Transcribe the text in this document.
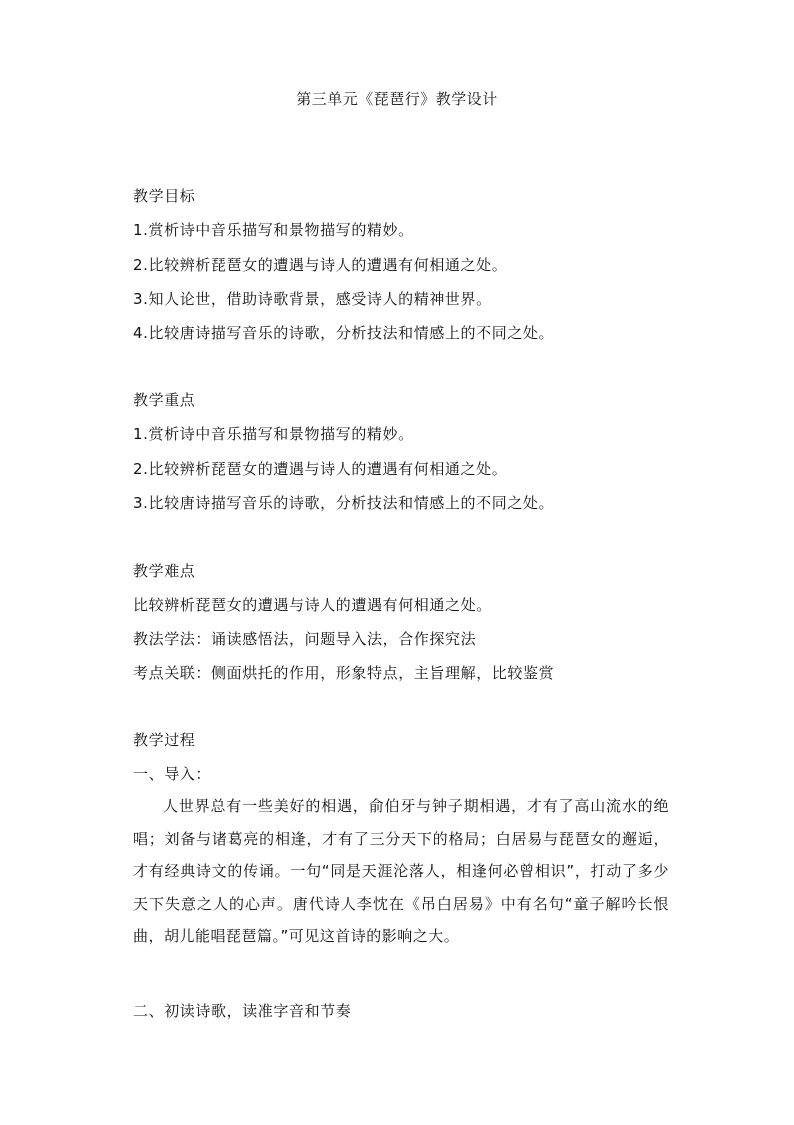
第三单元《琵琶行》教学设计
教学目标
1.赏析诗中音乐描写和景物描写的精妙。
2.比较辨析琵琶女的遭遇与诗人的遭遇有何相通之处。
3.知人论世，借助诗歌背景，感受诗人的精神世界。
4.比较唐诗描写音乐的诗歌，分析技法和情感上的不同之处。
教学重点
1.赏析诗中音乐描写和景物描写的精妙。
2.比较辨析琵琶女的遭遇与诗人的遭遇有何相通之处。
3.比较唐诗描写音乐的诗歌，分析技法和情感上的不同之处。
教学难点
比较辨析琵琶女的遭遇与诗人的遭遇有何相通之处。
教法学法：诵读感悟法，问题导入法，合作探究法
考点关联：侧面烘托的作用，形象特点，主旨理解，比较鉴赏
教学过程
一、导入：
人世界总有一些美好的相遇，俞伯牙与钟子期相遇，才有了高山流水的绝唱；刘备与诸葛亮的相逢，才有了三分天下的格局；白居易与琵琶女的邂逅，才有经典诗文的传诵。一句“同是天涯沦落人，相逢何必曾相识”，打动了多少天下失意之人的心声。唐代诗人李忱在《吊白居易》中有名句“童子解吟长恨曲，胡儿能唱琵琶篇。”可见这首诗的影响之大。
二、初读诗歌，读准字音和节奏
